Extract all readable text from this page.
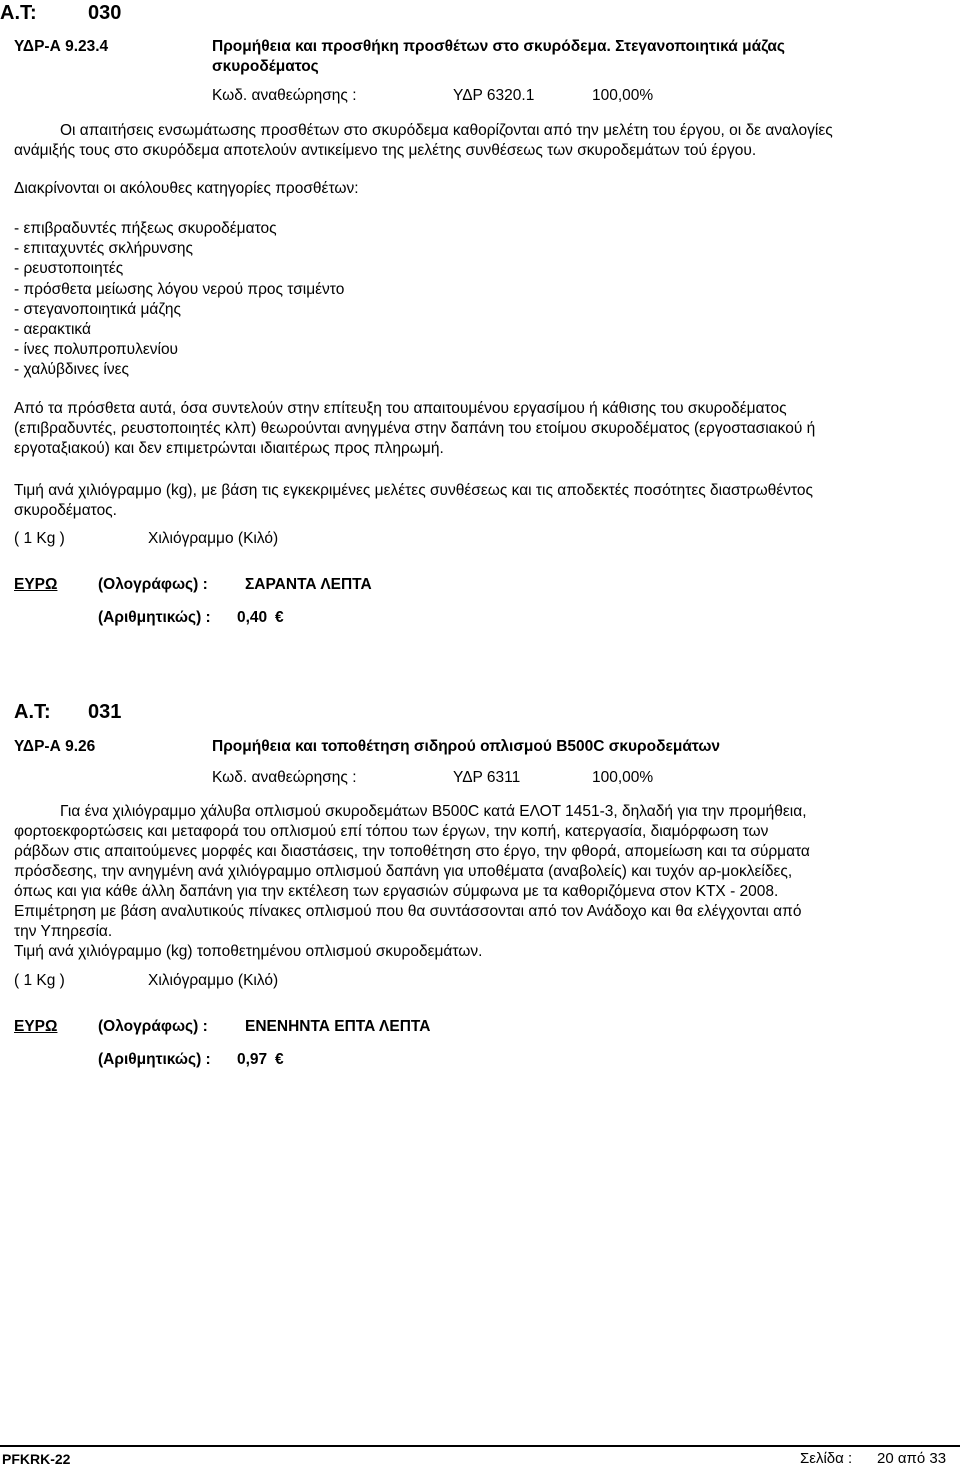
Α.Τ:	030
ΥΔΡ-Α 9.23.4	Προμήθεια και προσθήκη προσθέτων στο σκυρόδεμα. Στεγανοποιητικά μάζας
σκυροδέματος
Κωδ. αναθεώρησης :	ΥΔΡ 6320.1	100,00%
Οι απαιτήσεις ενσωμάτωσης προσθέτων στο σκυρόδεμα καθορίζονται από την μελέτη του έργου, οι δε αναλογίες
ανάμιξής τους στο σκυρόδεμα αποτελούν αντικείμενο της μελέτης συνθέσεως των σκυροδεμάτων τού έργου.
Διακρίνονται οι ακόλουθες κατηγορίες προσθέτων:
- επιβραδυντές πήξεως σκυροδέματος
- επιταχυντές σκλήρυνσης
- ρευστοποιητές
- πρόσθετα μείωσης λόγου νερού προς τσιμέντο
- στεγανοποιητικά μάζης
- αερακτικά
- ίνες πολυπροπυλενίου
- χαλύβδινες ίνες
Από τα πρόσθετα αυτά, όσα συντελούν στην επίτευξη του απαιτουμένου εργασίμου ή κάθισης του σκυροδέματος
(επιβραδυντές, ρευστοποιητές κλπ) θεωρούνται ανηγμένα στην δαπάνη του ετοίμου σκυροδέματος (εργοστασιακού ή
εργοταξιακού) και δεν επιμετρώνται ιδιαιτέρως προς πληρωμή.
Τιμή ανά χιλιόγραμμο (kg), με βάση τις εγκεκριμένες μελέτες συνθέσεως και τις αποδεκτές ποσότητες διαστρωθέντος
σκυροδέματος.
( 1 Kg )	Χιλιόγραμμο (Κιλό)
ΕΥΡΩ	(Ολογράφως) : ΣΑΡΑΝΤΑ ΛΕΠΤΑ
(Αριθμητικώς) : 0,40 €
Α.Τ: 031
ΥΔΡ-Α 9.26	Προμήθεια και τοποθέτηση σιδηρού οπλισμού B500C σκυροδεμάτων
Κωδ. αναθεώρησης :	ΥΔΡ 6311	100,00%
Για ένα χιλιόγραμμο χάλυβα οπλισμού σκυροδεμάτων B500C κατά ΕΛΟΤ 1451-3, δηλαδή για την προμήθεια,
φορτοεκφορτώσεις και μεταφορά του οπλισμού επί τόπου των έργων, την κοπή, κατεργασία, διαμόρφωση των
ράβδων στις απαιτούμενες μορφές και διαστάσεις, την τοποθέτηση στο έργο, την φθορά, απομείωση και τα σύρματα
πρόσδεσης, την ανηγμένη ανά χιλιόγραμμο οπλισμού δαπάνη για υποθέματα (αναβολείς) και τυχόν αρ-μοκλείδες,
όπως και για κάθε άλλη δαπάνη για την εκτέλεση των εργασιών σύμφωνα με τα καθοριζόμενα στον ΚΤΧ - 2008.
Επιμέτρηση με βάση αναλυτικούς πίνακες οπλισμού που θα συντάσσονται από τον Ανάδοχο και θα ελέγχονται από
την Υπηρεσία.
Τιμή ανά χιλιόγραμμο (kg) τοποθετημένου οπλισμού σκυροδεμάτων.
( 1 Kg )	Χιλιόγραμμο (Κιλό)
ΕΥΡΩ	(Ολογράφως) : ΕΝΕΝΗΝΤΑ ΕΠΤΑ ΛΕΠΤΑ
(Αριθμητικώς) : 0,97 €
PFKRK-22	Σελίδα : 20 από 33
